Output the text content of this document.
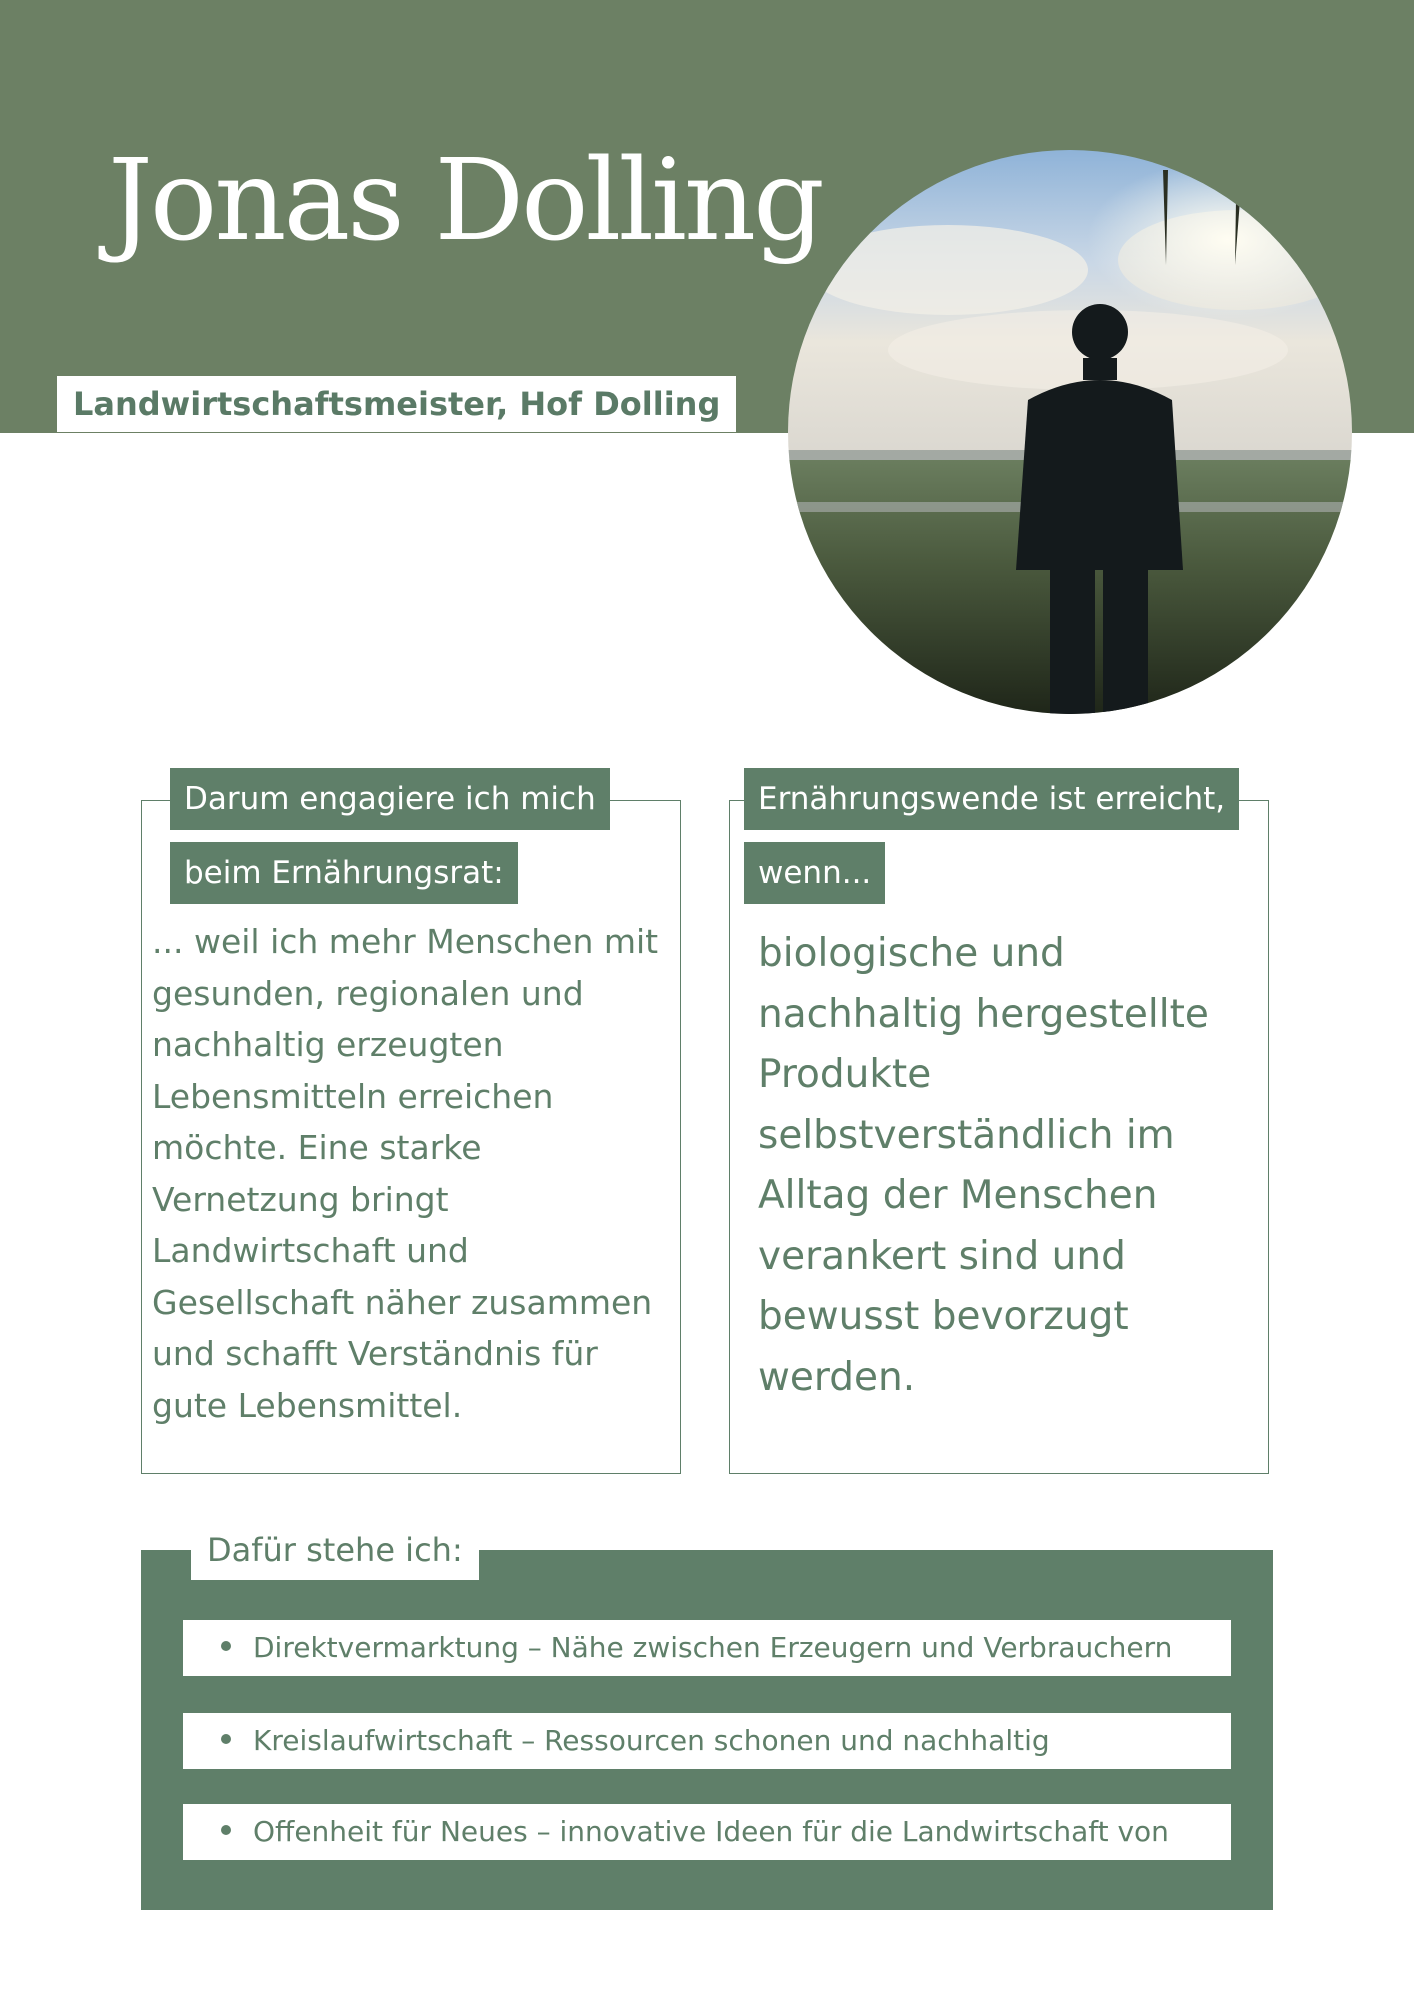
Jonas Dolling
Landwirtschaftsmeister, Hof Dolling
Darum engagiere ich mich
beim Ernährungsrat:
... weil ich mehr Menschen mit
gesunden, regionalen und
nachhaltig erzeugten
Lebensmitteln erreichen
möchte. Eine starke
Vernetzung bringt
Landwirtschaft und
Gesellschaft näher zusammen
und schafft Verständnis für
gute Lebensmittel.
Ernährungswende ist erreicht,
wenn...
biologische und
nachhaltig hergestellte
Produkte
selbstverständlich im
Alltag der Menschen
verankert sind und
bewusst bevorzugt
werden.
Dafür stehe ich:
Direktvermarktung – Nähe zwischen Erzeugern und Verbrauchern
Kreislaufwirtschaft – Ressourcen schonen und nachhaltig
Offenheit für Neues – innovative Ideen für die Landwirtschaft von
